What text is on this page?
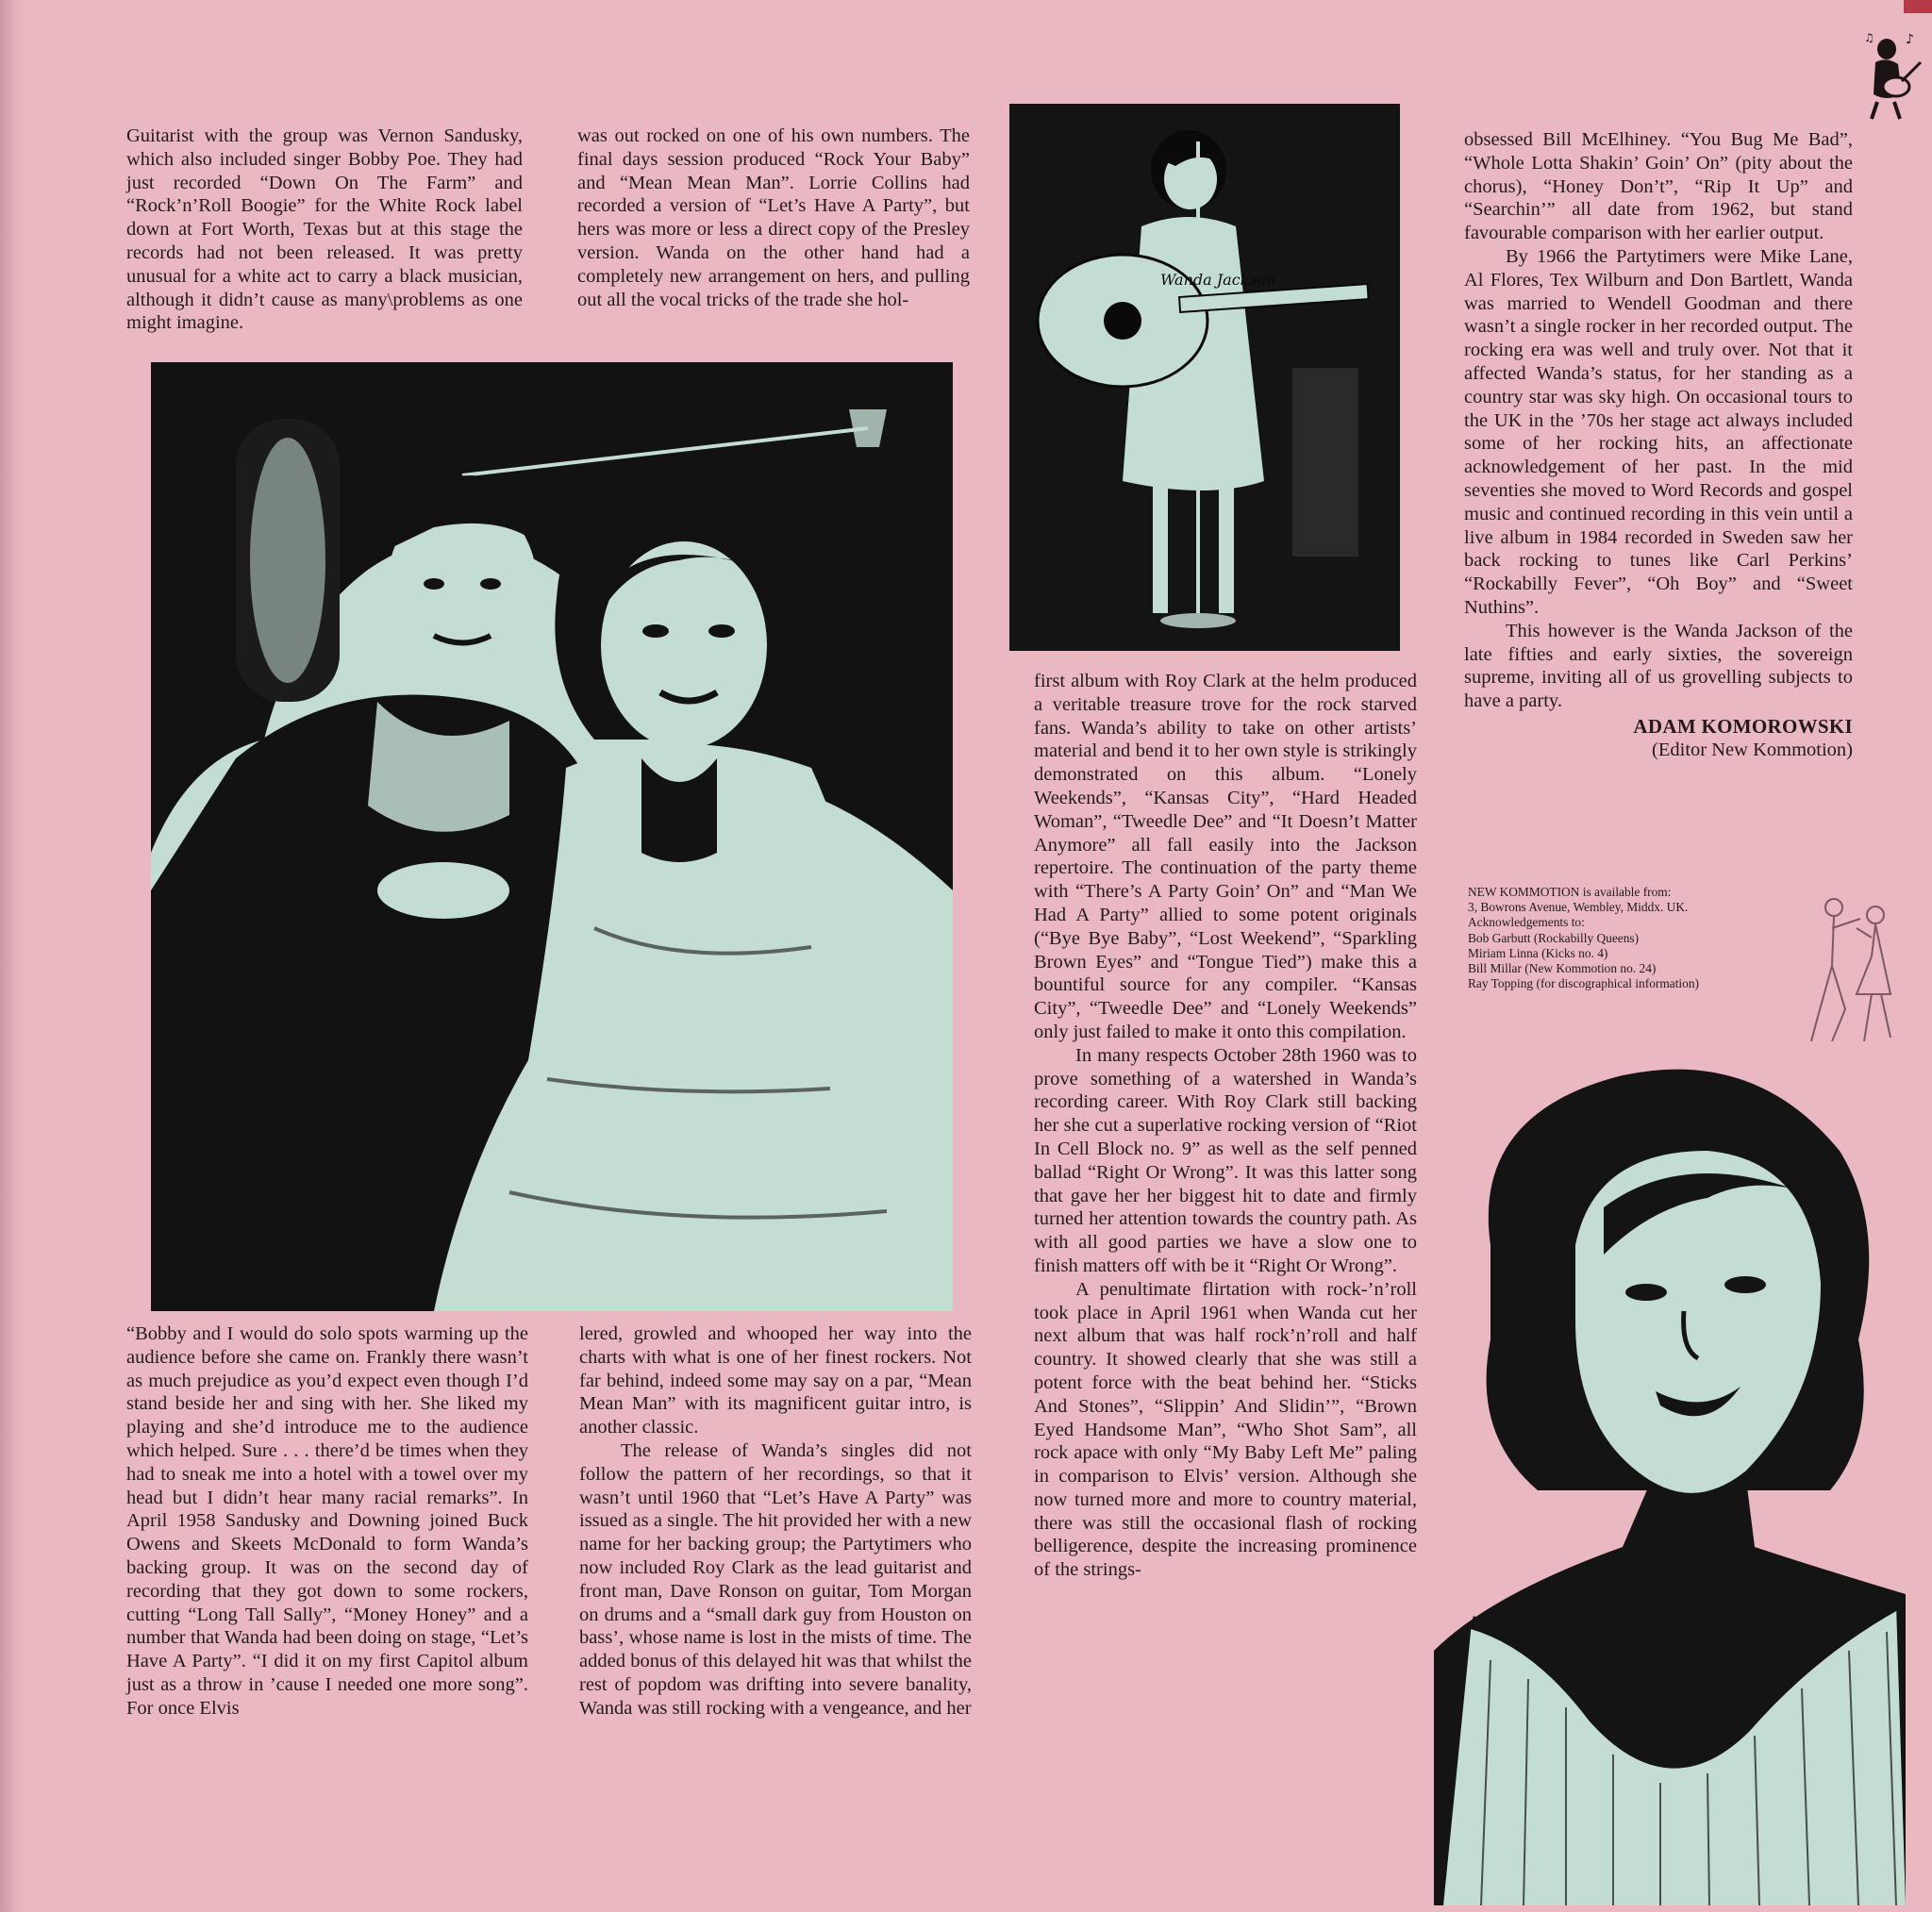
♪
♫

Guitarist with the group was Vernon Sandusky, which also included singer Bobby Poe. They had just recorded “Down On The Farm” and “Rock’n’Roll Boogie” for the White Rock label down at Fort Worth, Texas but at this stage the records had not been released. It was pretty unusual for a white act to carry a black musician, although it didn’t cause as many\problems as one might imagine.

was out rocked on one of his own numbers. The final days session produced “Rock Your Baby” and “Mean Mean Man”. Lorrie Collins had recorded a version of “Let’s Have A Party”, but hers was more or less a direct copy of the Presley version. Wanda on the other hand had a completely new arrangement on hers, and pulling out all the vocal tricks of the trade she hol-

Wanda Jackson

“Bobby and I would do solo spots warming up the audience before she came on. Frankly there wasn’t as much prejudice as you’d expect even though I’d stand beside her and sing with her. She liked my playing and she’d introduce me to the audience which helped. Sure . . . there’d be times when they had to sneak me into a hotel with a towel over my head but I didn’t hear many racial remarks”. In April 1958 Sandusky and Downing joined Buck Owens and Skeets McDonald to form Wanda’s backing group. It was on the second day of recording that they got down to some rockers, cutting “Long Tall Sally”, “Money Honey” and a number that Wanda had been doing on stage, “Let’s Have A Party”. “I did it on my first Capitol album just as a throw in ’cause I needed one more song”. For once Elvis

lered, growled and whooped her way into the charts with what is one of her finest rockers. Not far behind, indeed some may say on a par, “Mean Mean Man” with its magnificent guitar intro, is another classic.

The release of Wanda’s singles did not follow the pattern of her recordings, so that it wasn’t until 1960 that “Let’s Have A Party” was issued as a single. The hit provided her with a new name for her backing group; the Partytimers who now included Roy Clark as the lead guitarist and front man, Dave Ronson on guitar, Tom Morgan on drums and a “small dark guy from Houston on bass’, whose name is lost in the mists of time. The added bonus of this delayed hit was that whilst the rest of popdom was drifting into severe banality, Wanda was still rocking with a vengeance, and her

first album with Roy Clark at the helm produced a veritable treasure trove for the rock starved fans. Wanda’s ability to take on other artists’ material and bend it to her own style is strikingly demonstrated on this album. “Lonely Weekends”, “Kansas City”, “Hard Headed Woman”, “Tweedle Dee” and “It Doesn’t Matter Anymore” all fall easily into the Jackson repertoire. The continuation of the party theme with “There’s A Party Goin’ On” and “Man We Had A Party” allied to some potent originals (“Bye Bye Baby”, “Lost Weekend”, “Sparkling Brown Eyes” and “Tongue Tied”) make this a bountiful source for any compiler. “Kansas City”, “Tweedle Dee” and “Lonely Weekends” only just failed to make it onto this compilation.

In many respects October 28th 1960 was to prove something of a watershed in Wanda’s recording career. With Roy Clark still backing her she cut a superlative rocking version of “Riot In Cell Block no. 9” as well as the self penned ballad “Right Or Wrong”. It was this latter song that gave her her biggest hit to date and firmly turned her attention towards the country path. As with all good parties we have a slow one to finish matters off with be it “Right Or Wrong”.

A penultimate flirtation with rock-’n’roll took place in April 1961 when Wanda cut her next album that was half rock’n’roll and half country. It showed clearly that she was still a potent force with the beat behind her. “Sticks And Stones”, “Slippin’ And Slidin’”, “Brown Eyed Handsome Man”, “Who Shot Sam”, all rock apace with only “My Baby Left Me” paling in comparison to Elvis’ version. Although she now turned more and more to country material, there was still the occasional flash of rocking belligerence, despite the increasing prominence of the strings-

obsessed Bill McElhiney. “You Bug Me Bad”, “Whole Lotta Shakin’ Goin’ On” (pity about the chorus), “Honey Don’t”, “Rip It Up” and “Searchin’” all date from 1962, but stand favourable comparison with her earlier output.

By 1966 the Partytimers were Mike Lane, Al Flores, Tex Wilburn and Don Bartlett, Wanda was married to Wendell Goodman and there wasn’t a single rocker in her recorded output. The rocking era was well and truly over. Not that it affected Wanda’s status, for her standing as a country star was sky high. On occasional tours to the UK in the ’70s her stage act always included some of her rocking hits, an affectionate acknowledgement of her past. In the mid seventies she moved to Word Records and gospel music and continued recording in this vein until a live album in 1984 recorded in Sweden saw her back rocking to tunes like Carl Perkins’ “Rockabilly Fever”, “Oh Boy” and “Sweet Nuthins”.

This however is the Wanda Jackson of the late fifties and early sixties, the sovereign supreme, inviting all of us grovelling subjects to have a party.

ADAM KOMOROWSKI
(Editor New Kommotion)
NEW KOMMOTION is available from:
3, Bowrons Avenue, Wembley, Middx. UK.
Acknowledgements to:
Bob Garbutt (Rockabilly Queens)
Miriam Linna (Kicks no. 4)
Bill Millar (New Kommotion no. 24)
Ray Topping (for discographical information)
